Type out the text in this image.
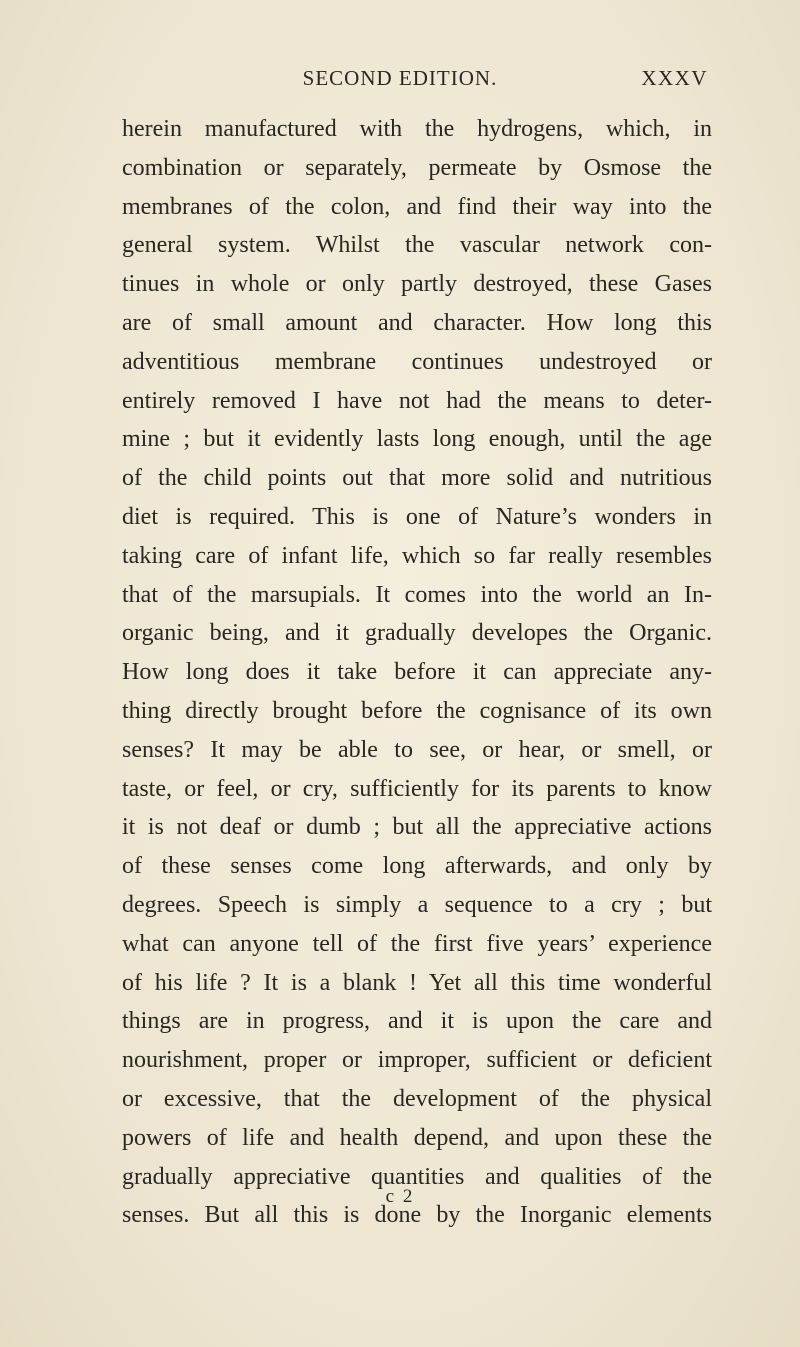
SECOND EDITION.	XXXV
herein manufactured with the hydrogens, which, in
combination or separately, permeate by Osmose the
membranes of the colon, and find their way into the
general system. Whilst the vascular network con-
tinues in whole or only partly destroyed, these Gases
are of small amount and character. How long this
adventitious membrane continues undestroyed or
entirely removed I have not had the means to deter-
mine ; but it evidently lasts long enough, until the age
of the child points out that more solid and nutritious
diet is required. This is one of Nature’s wonders in
taking care of infant life, which so far really resembles
that of the marsupials. It comes into the world an In-
organic being, and it gradually developes the Organic.
How long does it take before it can appreciate any-
thing directly brought before the cognisance of its own
senses? It may be able to see, or hear, or smell, or
taste, or feel, or cry, sufficiently for its parents to know
it is not deaf or dumb ; but all the appreciative actions
of these senses come long afterwards, and only by
degrees. Speech is simply a sequence to a cry ; but
what can anyone tell of the first five years’ experience
of his life ? It is a blank ! Yet all this time wonderful
things are in progress, and it is upon the care and
nourishment, proper or improper, sufficient or deficient
or excessive, that the development of the physical
powers of life and health depend, and upon these the
gradually appreciative quantities and qualities of the
senses. But all this is done by the Inorganic elements
c 2
